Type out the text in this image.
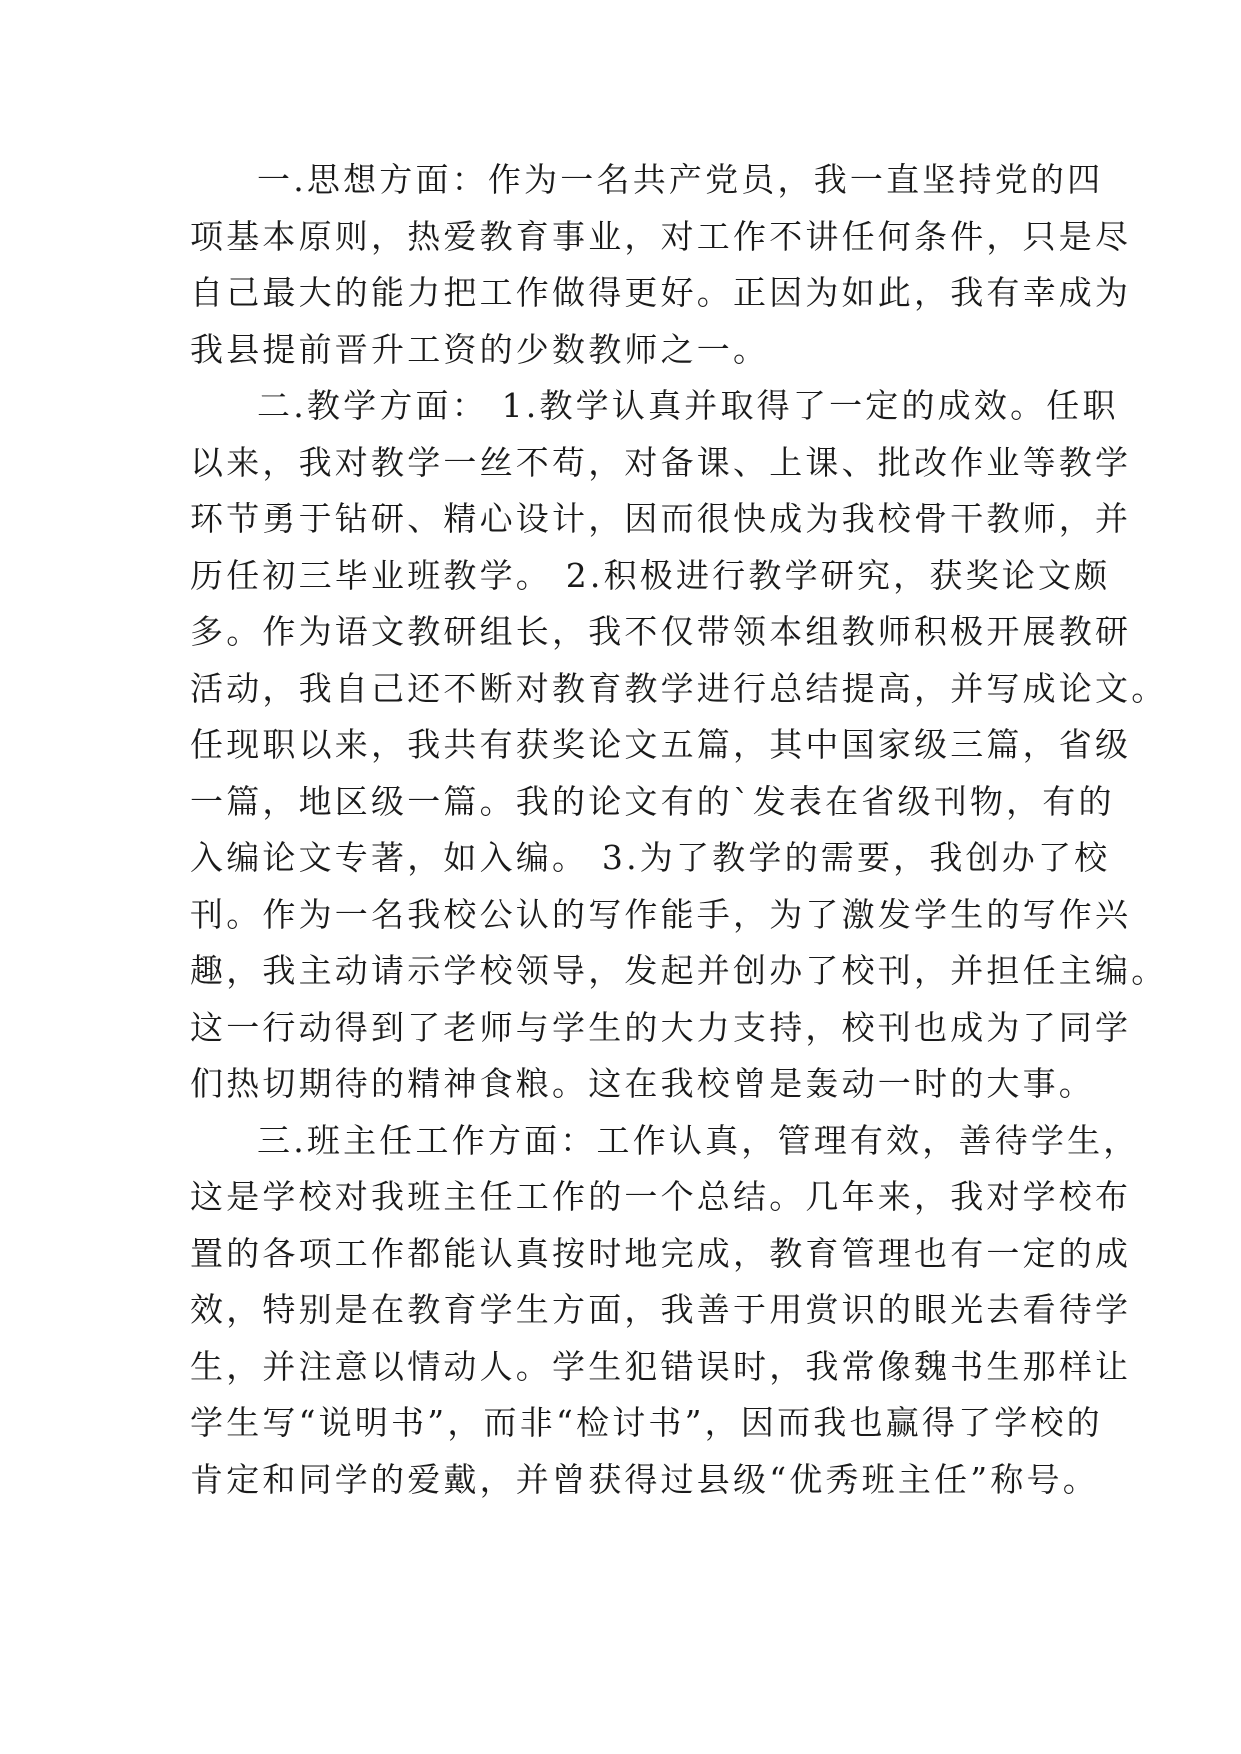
一.思想方面：作为一名共产党员，我一直坚持党的四
项基本原则，热爱教育事业，对工作不讲任何条件，只是尽
自己最大的能力把工作做得更好。正因为如此，我有幸成为
我县提前晋升工资的少数教师之一。
二.教学方面： 1.教学认真并取得了一定的成效。任职
以来，我对教学一丝不苟，对备课、上课、批改作业等教学
环节勇于钻研、精心设计，因而很快成为我校骨干教师，并
历任初三毕业班教学。 2.积极进行教学研究，获奖论文颇
多。作为语文教研组长，我不仅带领本组教师积极开展教研
活动，我自己还不断对教育教学进行总结提高，并写成论文。
任现职以来，我共有获奖论文五篇，其中国家级三篇，省级
一篇，地区级一篇。我的论文有的`发表在省级刊物，有的
入编论文专著，如入编。 3.为了教学的需要，我创办了校
刊。作为一名我校公认的写作能手，为了激发学生的写作兴
趣，我主动请示学校领导，发起并创办了校刊，并担任主编。
这一行动得到了老师与学生的大力支持，校刊也成为了同学
们热切期待的精神食粮。这在我校曾是轰动一时的大事。
三.班主任工作方面：工作认真，管理有效，善待学生，
这是学校对我班主任工作的一个总结。几年来，我对学校布
置的各项工作都能认真按时地完成，教育管理也有一定的成
效，特别是在教育学生方面，我善于用赏识的眼光去看待学
生，并注意以情动人。学生犯错误时，我常像魏书生那样让
学生写“说明书”，而非“检讨书”，因而我也赢得了学校的
肯定和同学的爱戴，并曾获得过县级“优秀班主任”称号。
